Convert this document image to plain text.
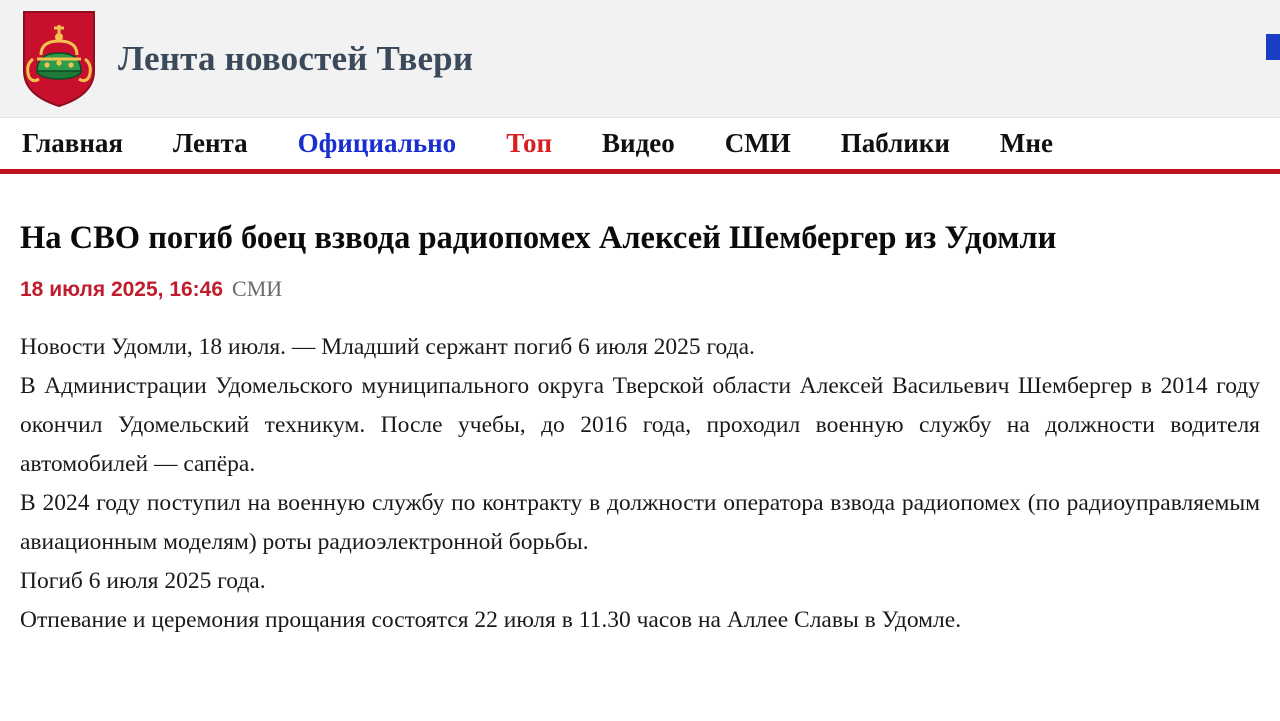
Лента новостей Твери
Главная Лента Официально Топ Видео СМИ Паблики Мне
На СВО погиб боец взвода радиопомех Алексей Шембергер из Удомли
18 июля 2025, 16:46 СМИ

Новости Удомли, 18 июля. — Младший сержант погиб 6 июля 2025 года.

В Администрации Удомельского муниципального округа Тверской области Алексей Васильевич Шембергер в 2014 году окончил Удомельский техникум. После учебы, до 2016 года, проходил военную службу на должности водителя автомобилей — сапёра.

В 2024 году поступил на военную службу по контракту в должности оператора взвода радиопомех (по радиоуправляемым авиационным моделям) роты радиоэлектронной борьбы.

Погиб 6 июля 2025 года.

Отпевание и церемония прощания состоятся 22 июля в 11.30 часов на Аллее Славы в Удомле.
